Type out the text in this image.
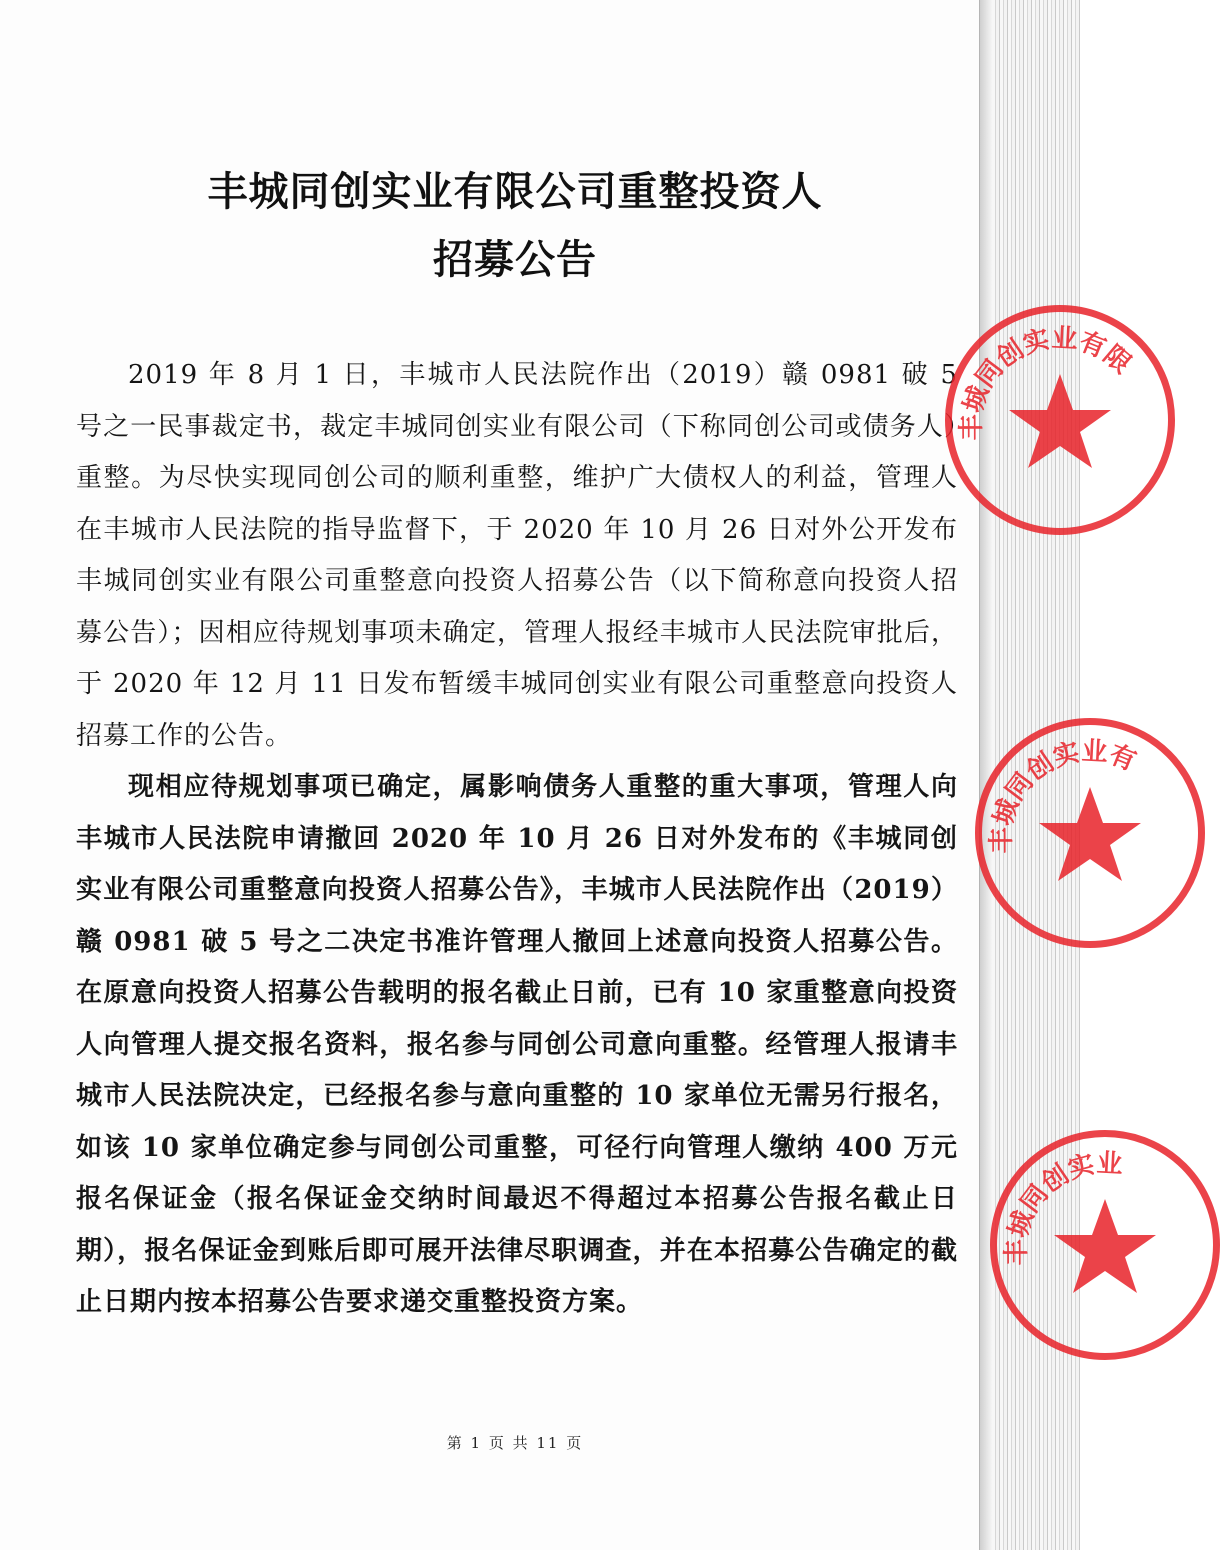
丰城同创实业有限公司重整投资人
招募公告

2019 年 8 月 1 日，丰城市人民法院作出（2019）赣 0981 破 5 号之一民事裁定书，裁定丰城同创实业有限公司（下称同创公司或债务人）重整。为尽快实现同创公司的顺利重整，维护广大债权人的利益，管理人在丰城市人民法院的指导监督下，于 2020 年 10 月 26 日对外公开发布丰城同创实业有限公司重整意向投资人招募公告（以下简称意向投资人招募公告）；因相应待规划事项未确定，管理人报经丰城市人民法院审批后，于 2020 年 12 月 11 日发布暂缓丰城同创实业有限公司重整意向投资人招募工作的公告。

现相应待规划事项已确定，属影响债务人重整的重大事项，管理人向丰城市人民法院申请撤回 2020 年 10 月 26 日对外发布的《丰城同创实业有限公司重整意向投资人招募公告》，丰城市人民法院作出（2019）赣 0981 破 5 号之二决定书准许管理人撤回上述意向投资人招募公告。在原意向投资人招募公告载明的报名截止日前，已有 10 家重整意向投资人向管理人提交报名资料，报名参与同创公司意向重整。经管理人报请丰城市人民法院决定，已经报名参与意向重整的 10 家单位无需另行报名，如该 10 家单位确定参与同创公司重整，可径行向管理人缴纳 400 万元报名保证金（报名保证金交纳时间最迟不得超过本招募公告报名截止日期），报名保证金到账后即可展开法律尽职调查，并在本招募公告确定的截止日期内按本招募公告要求递交重整投资方案。

第 1 页 共 11 页
丰城同创实业有限
丰城同创实业有
丰城同创实业
